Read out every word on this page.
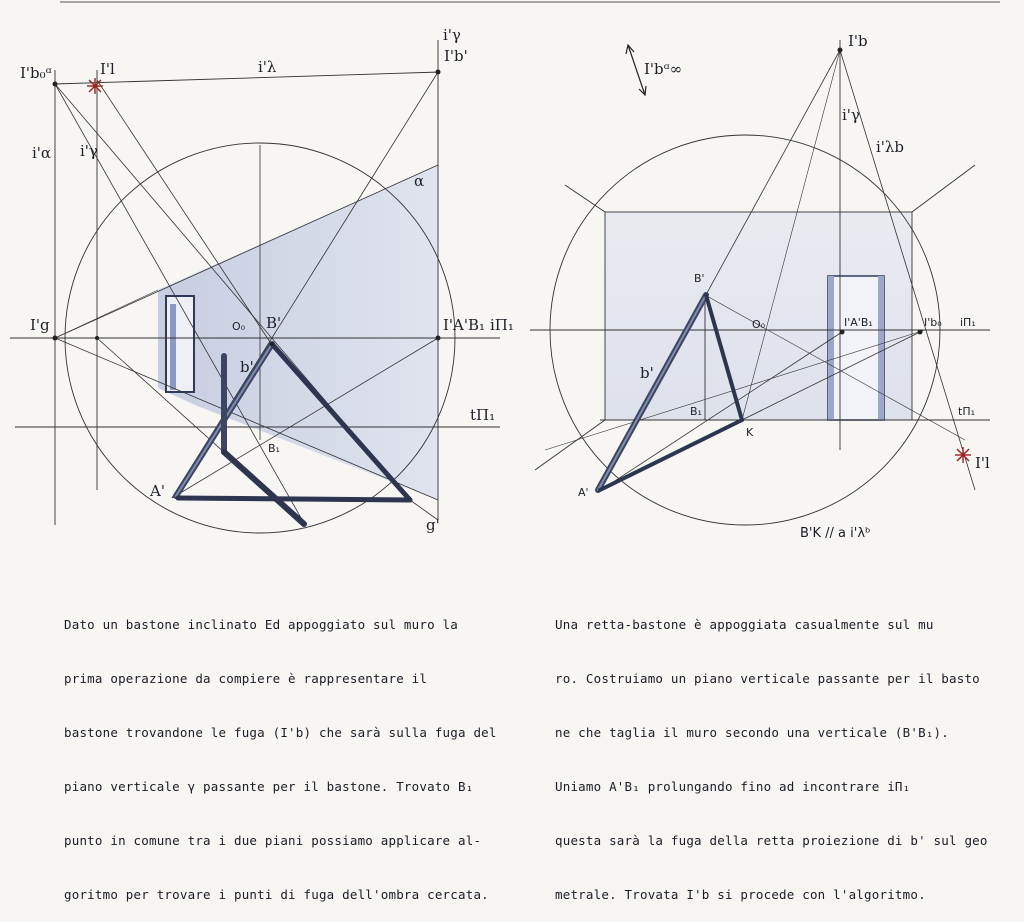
I'b₀ᵅ	I'l	i'λ
I'b'
i'γ
i'α i'γ
α
I'g	O₀ B'	I'A'B₁ iΠ₁
b'
tΠ₁
B₁
A'
g'
I'b
I'bᵅ∞
i'γ
i'λb
B'
O₀	I'A'B₁	I'b₀ iΠ₁
b'
B₁
K
tΠ₁
I'l
A'
B'K // a i'λᵇ

Dato un bastone inclinato Ed appoggiato sul muro la

prima operazione da compiere è rappresentare il

bastone trovandone le fuga (I'b) che sarà sulla fuga del

piano verticale γ passante per il bastone. Trovato B₁

punto in comune tra i due piani possiamo applicare al-

goritmo per trovare i punti di fuga dell'ombra cercata.

Una retta-bastone è appoggiata casualmente sul mu

ro. Costruiamo un piano verticale passante per il basto

ne che taglia il muro secondo una verticale (B'B₁).

Uniamo A'B₁ prolungando fino ad incontrare iΠ₁

questa sarà la fuga della retta proiezione di b' sul geo

metrale. Trovata I'b si procede con l'algoritmo.
